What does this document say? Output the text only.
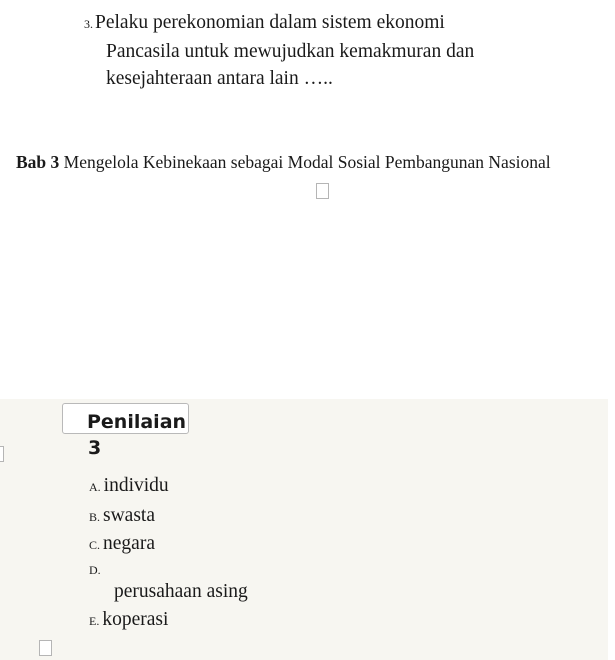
3. Pelaku perekonomian dalam sistem ekonomi
Pancasila untuk mewujudkan kemakmuran dan
kesejahteraan antara lain …..
Bab 3 Mengelola Kebinekaan sebagai Modal Sosial Pembangunan Nasional
Penilaian
3
A. individu
B. swasta
C. negara
D.
perusahaan asing
E. koperasi
